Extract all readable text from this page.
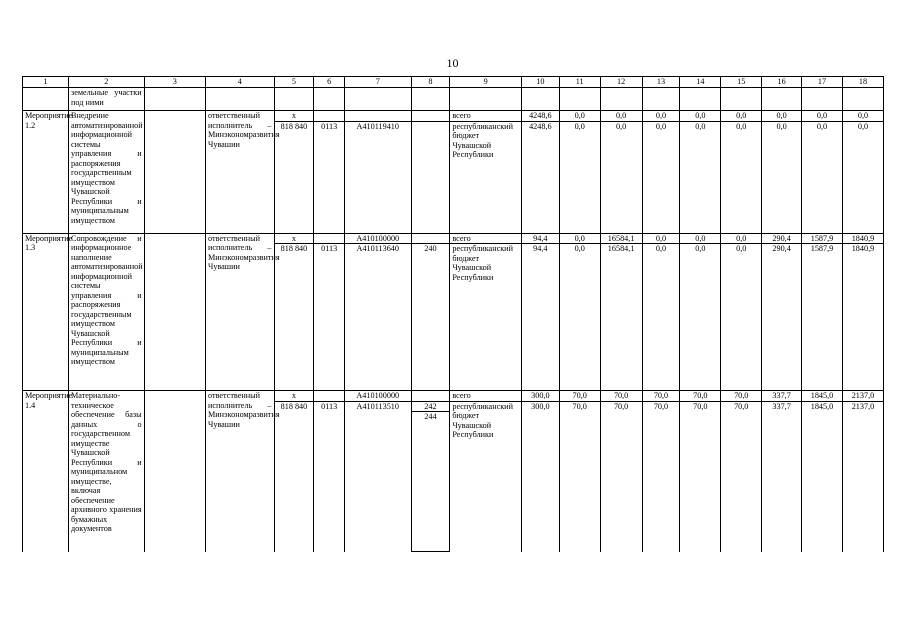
10
1	2	3	4	5	6	7	8	9	10	11	12	13	14	15	16	17	18
	земельные участки под ними																
Мероприятие 1.2	Внедрение автоматизированной информационной системы управления и распоряжения государственным имуществом Чувашской Республики и муниципальным имуществом		ответственный исполнитель – Минэкономразвития Чувашии	x				всего	4248,6	0,0	0,0	0,0	0,0	0,0	0,0	0,0	0,0
				818 840	0113	А410119410		республиканский бюджет Чувашской Республики	4248,6	0,0	0,0	0,0	0,0	0,0	0,0	0,0	0,0
Мероприятие 1.3	Сопровождение и информационное наполнение автоматизированной информационной системы управления и распоряжения государственным имуществом Чувашской Республики и муниципальным имуществом		ответственный исполнитель – Минэкономразвития Чувашии	x		А410100000		всего	94,4	0,0	16584,1	0,0	0,0	0,0	290,4	1587,9	1840,9
				818 840	0113	А410113640	240	республиканский бюджет Чувашской Республики	94,4	0,0	16584,1	0,0	0,0	0,0	290,4	1587,9	1840,9
Мероприятие 1.4	Материально-техническое обеспечение базы данных о государственном имуществе Чувашской Республики и муниципальном имуществе, включая обеспечение архивного хранения бумажных документов		ответственный исполнитель – Минэкономразвития Чувашии	x		А410100000		всего	300,0	70,0	70,0	70,0	70,0	70,0	337,7	1845,0	2137,0
				818 840	0113	А410113510	242	республиканский бюджет Чувашской Республики	300,0	70,0	70,0	70,0	70,0	70,0	337,7	1845,0	2137,0
							244										
